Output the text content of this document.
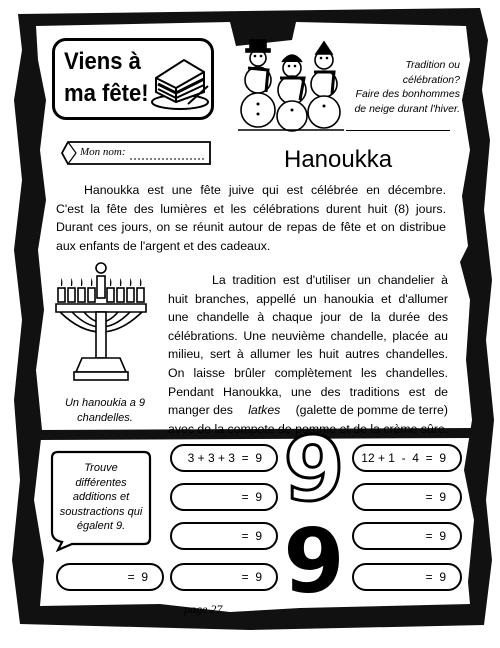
Viens à
ma fête!
Tradition ou
célébration?
Faire des bonhommes
de neige durant l'hiver.
Mon nom:	Hanoukka
Hanoukka est une fête juive qui est célébrée en décembre.
C'est la fête des lumières et les célébrations durent huit (8) jours.
Durant ces jours, on se réunit autour de repas de fête et on distribue
aux enfants de l'argent et des cadeaux.
Un hanoukia a 9
chandelles.
La tradition est d'utiliser un chandelier à
huit branches, appellé un hanoukia et d'allumer
une chandelle à chaque jour de la durée des
célébrations. Une neuvième chandelle, placée au
milieu, sert à allumer les huit autres chandelles.
On laisse brûler complètement les chandelles.
Pendant Hanoukka, une des traditions est de
manger des latkes (galette de pomme de terre)
avec de la compote de pomme et de la crème sûre.
Trouve
différentes
additions et
soustractions qui
égalent 9.
3 + 3 + 3  =  9	12 + 1  -  4  =  9
=  9	=  9
=  9	=  9
=  9	=  9	=  9
9
9
page 27
